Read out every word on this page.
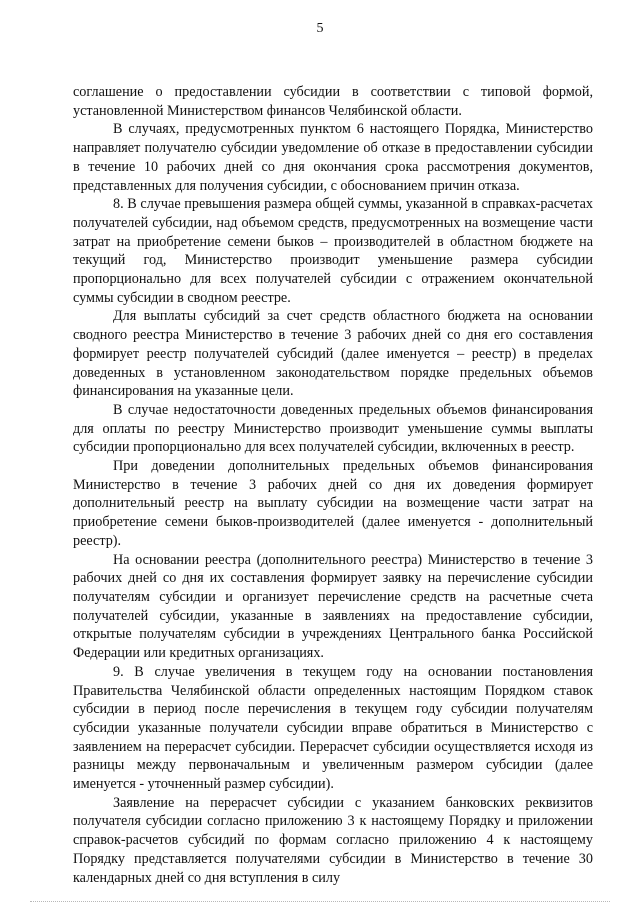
5

соглашение о предоставлении субсидии в соответствии с типовой формой, установленной Министерством финансов Челябинской области.

В случаях, предусмотренных пунктом 6 настоящего Порядка, Министерство направляет получателю субсидии уведомление об отказе в предоставлении субсидии в течение 10 рабочих дней со дня окончания срока рассмотрения документов, представленных для получения субсидии, с обоснованием причин отказа.

8. В случае превышения размера общей суммы, указанной в справках-расчетах получателей субсидии, над объемом средств, предусмотренных на возмещение части затрат на приобретение семени быков – производителей в областном бюджете на текущий год, Министерство производит уменьшение размера субсидии пропорционально для всех получателей субсидии с отражением окончательной суммы субсидии в сводном реестре.

Для выплаты субсидий за счет средств областного бюджета на основании сводного реестра Министерство в течение 3 рабочих дней со дня его составления формирует реестр получателей субсидий (далее именуется – реестр) в пределах доведенных в установленном законодательством порядке предельных объемов финансирования на указанные цели.

В случае недостаточности доведенных предельных объемов финансирования для оплаты по реестру Министерство производит уменьшение суммы выплаты субсидии пропорционально для всех получателей субсидии, включенных в реестр.

При доведении дополнительных предельных объемов финансирования Министерство в течение 3 рабочих дней со дня их доведения формирует дополнительный реестр на выплату субсидии на возмещение части затрат на приобретение семени быков-производителей (далее именуется - дополнительный реестр).

На основании реестра (дополнительного реестра) Министерство в течение 3 рабочих дней со дня их составления формирует заявку на перечисление субсидии получателям субсидии и организует перечисление средств на расчетные счета получателей субсидии, указанные в заявлениях на предоставление субсидии, открытые получателям субсидии в учреждениях Центрального банка Российской Федерации или кредитных организациях.

9. В случае увеличения в текущем году на основании постановления Правительства Челябинской области определенных настоящим Порядком ставок субсидии в период после перечисления в текущем году субсидии получателям субсидии указанные получатели субсидии вправе обратиться в Министерство с заявлением на перерасчет субсидии. Перерасчет субсидии осуществляется исходя из разницы между первоначальным и увеличенным размером субсидии (далее именуется - уточненный размер субсидии).

Заявление на перерасчет субсидии с указанием банковских реквизитов получателя субсидии согласно приложению 3 к настоящему Порядку и приложении справок-расчетов субсидий по формам согласно приложению 4 к настоящему Порядку представляется получателями субсидии в Министерство в течение 30 календарных дней со дня вступления в силу
